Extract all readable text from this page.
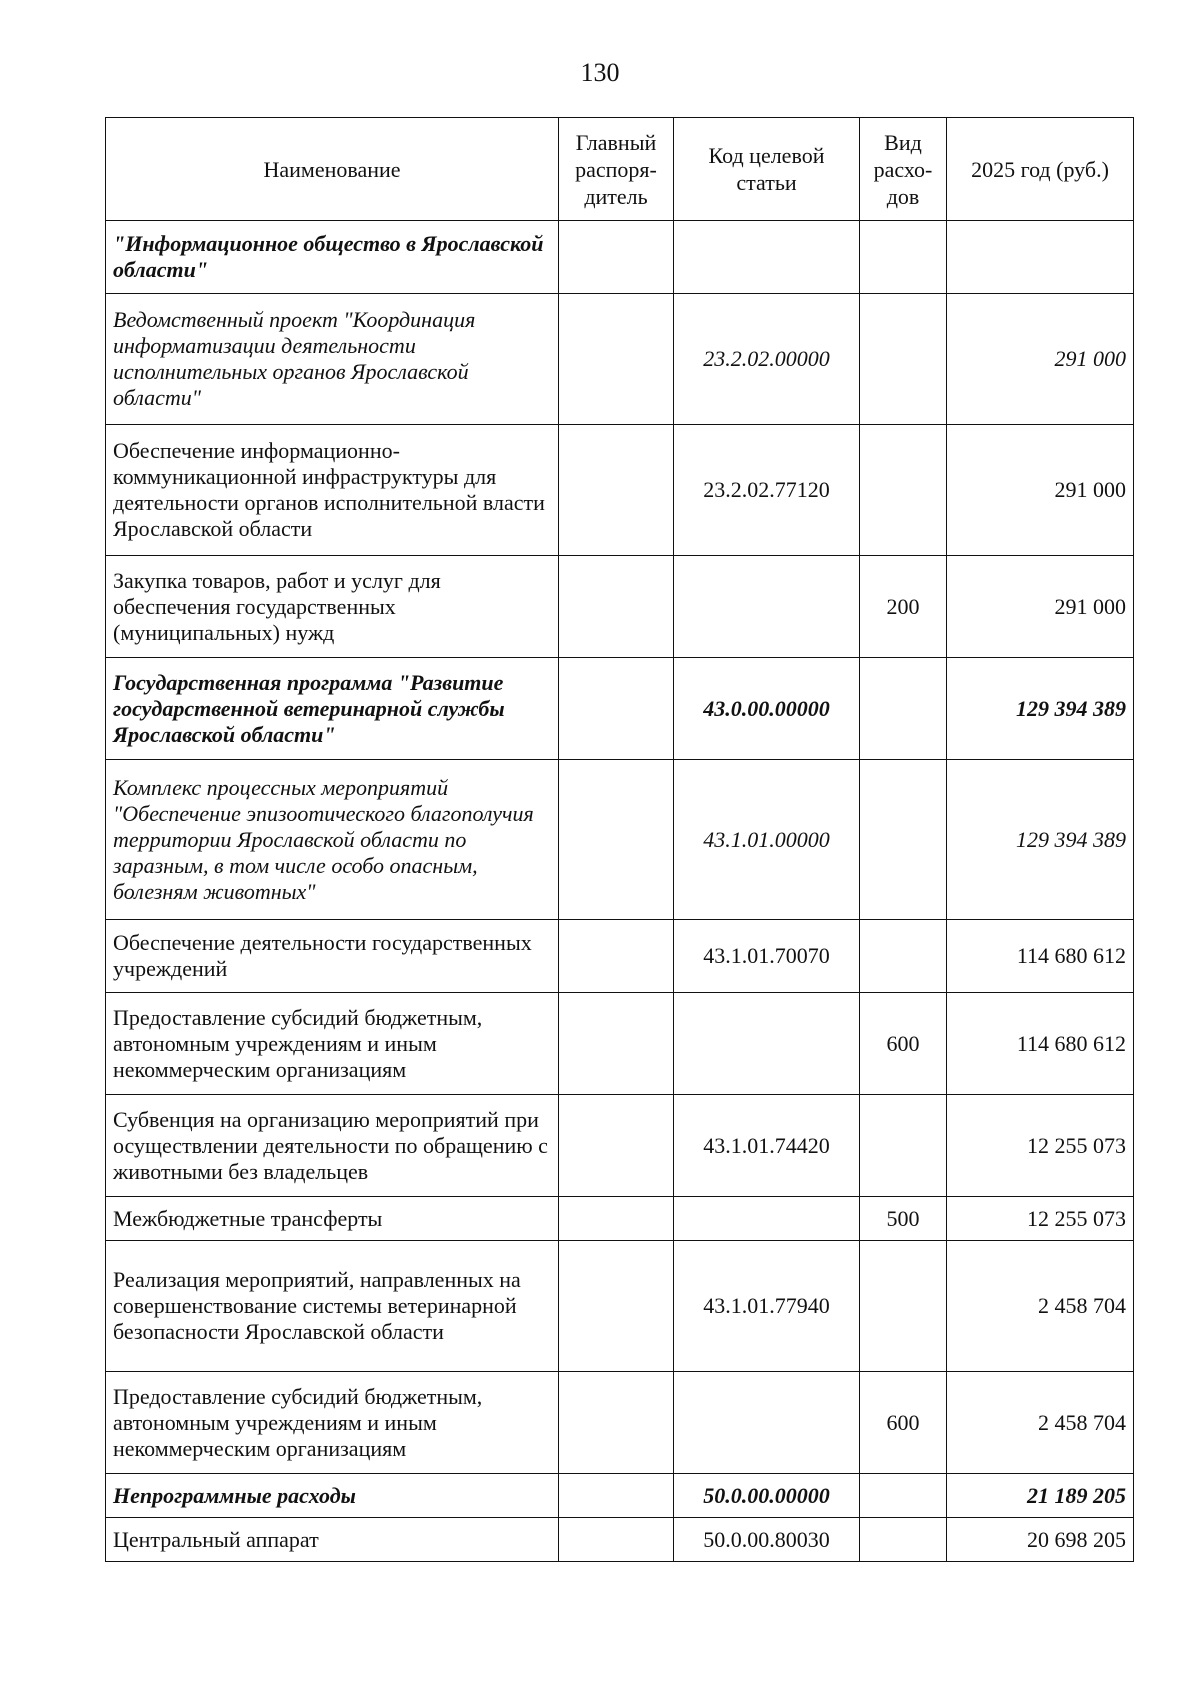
130
Наименование	Главный распоря-дитель	Код целевой статьи	Вид расхо-дов	2025 год (руб.)
"Информационное общество в Ярославской области"				
Ведомственный проект "Координация информатизации деятельности исполнительных органов Ярославской области"		23.2.02.00000		291 000
Обеспечение информационно-коммуникационной инфраструктуры для деятельности органов исполнительной власти Ярославской области		23.2.02.77120		291 000
Закупка товаров, работ и услуг для обеспечения государственных (муниципальных) нужд			200	291 000
Государственная программа "Развитие государственной ветеринарной службы Ярославской области"		43.0.00.00000		129 394 389
Комплекс процессных мероприятий "Обеспечение эпизоотического благополучия территории Ярославской области по заразным, в том числе особо опасным, болезням животных"		43.1.01.00000		129 394 389
Обеспечение деятельности государственных учреждений		43.1.01.70070		114 680 612
Предоставление субсидий бюджетным, автономным учреждениям и иным некоммерческим организациям			600	114 680 612
Субвенция на организацию мероприятий при осуществлении деятельности по обращению с животными без владельцев		43.1.01.74420		12 255 073
Межбюджетные трансферты			500	12 255 073
Реализация мероприятий, направленных на совершенствование системы ветеринарной безопасности Ярославской области		43.1.01.77940		2 458 704
Предоставление субсидий бюджетным, автономным учреждениям и иным некоммерческим организациям			600	2 458 704
Непрограммные расходы		50.0.00.00000		21 189 205
Центральный аппарат		50.0.00.80030		20 698 205
